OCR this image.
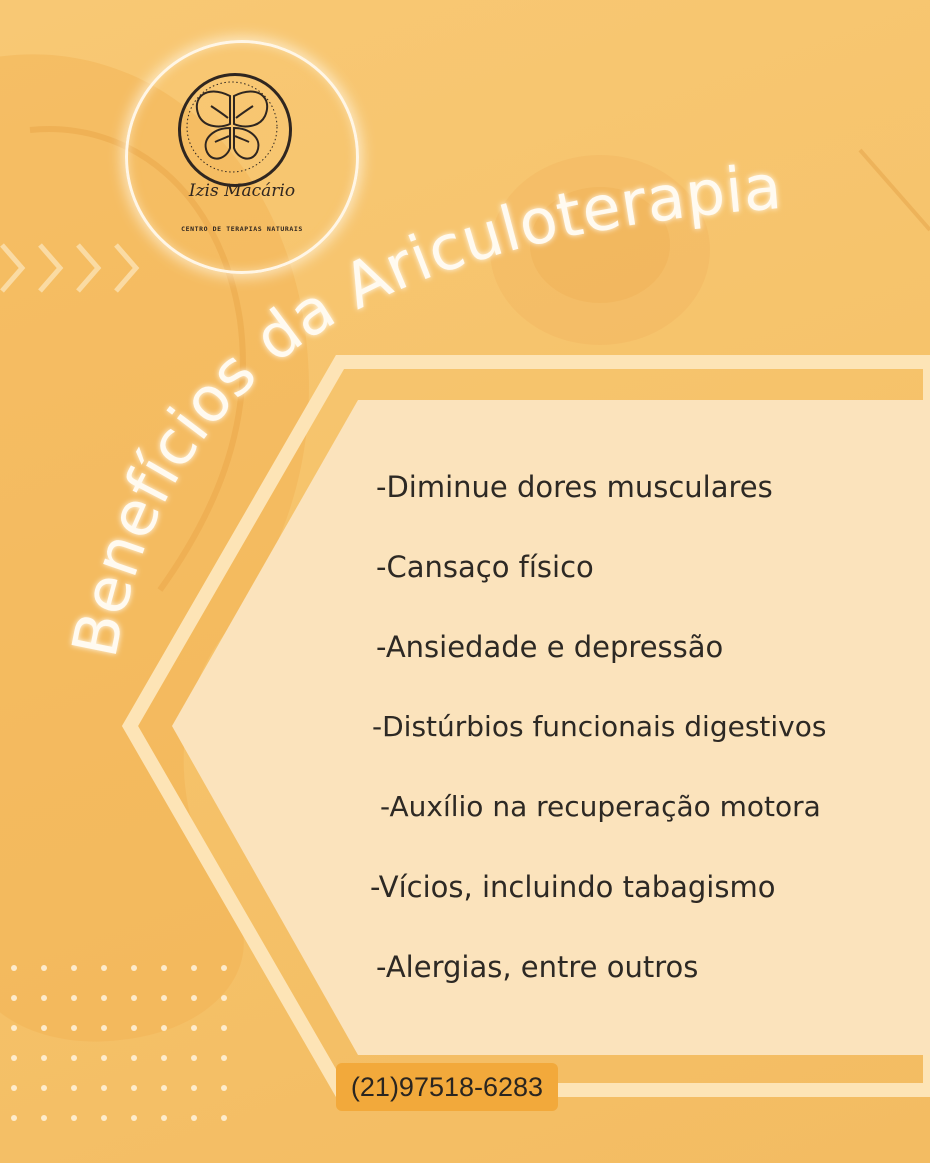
Izis Macário
CENTRO DE TERAPIAS NATURAIS
Benefícios da Ariculoterapia
-Diminue dores musculares
-Cansaço físico
-Ansiedade e depressão
-Distúrbios funcionais digestivos
-Auxílio na recuperação motora
-Vícios, incluindo tabagismo
-Alergias, entre outros
(21)97518-6283
